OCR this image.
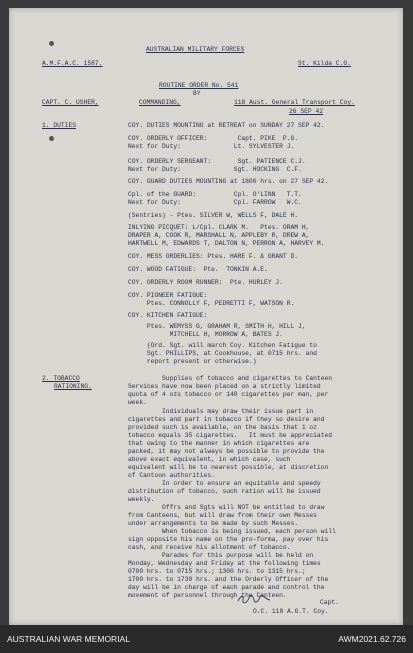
AUSTRALIAN MILITARY FORCES
A.M.F.A.C. 1587.	St. Kilda C.G.
ROUTINE ORDER No. 541
BY
CAPT. C. USHER,	COMMANDING,	118 Aust. General Transport Coy.
26 SEP 42
1. DUTIES	COY. DUTIES MOUNTING at RETREAT on SUNDAY 27 SEP 42.
COY. ORDERLY OFFICER:        Capt. PIKE  P.G.
Next for Duty:              Lt. SYLVESTER J.
COY. ORDERLY SERGEANT:       Sgt. PATIENCE C.J.
Next for Duty:              Sgt. HOCKING  C.F.
COY. GUARD DUTIES MOUNTING at 1800 hrs. on 27 SEP 42.
Cpl. of the GUARD:          Cpl. O'LINN   T.T.
Next for Duty:              Cpl. FARROW   W.C.
(Sentries) - Ptes. SILVER W, WELLS F, DALE H.
INLYING PICQUET: L/Cpl. CLARK M.   Ptes. ORAM H,
DRAPER A, COOK R, MARSHALL N, APPLEBY R, DREW A,
HARTWELL M, EDWARDS T, DALTON N, PERRON A, HARVEY M.
COY. MESS ORDERLIES: Ptes. HARE F. & GRANT D.
COY. WOOD FATIGUE:  Pte.  TONKIN A.E.
COY. ORDERLY ROOM RUNNER:  Pte. HURLEY J.
COY. PIONEER FATIGUE:
Ptes. CONNOLLY F, PEDRETTI F, WATSON R.
COY. KITCHEN FATIGUE:
Ptes. WEMYSS G, GRAHAM R, SMITH H, HILL J,
MITCHELL H, MORROW A, BATES J.
(Ord. Sgt. will march Coy. Kitchen Fatigue to
Sgt. PHILLIPS, at Cookhouse, at 0715 hrs. and
report present or otherwise.)
2. TOBACCO
RATIONING.
Supplies of tobacco and cigarettes to Canteen
Services have now been placed on a strictly limited
quota of 4 ozs tobacco or 140 cigarettes per man, per
week.
Individuals may draw their issue part in
cigarettes and part in tobacco if they so desire and
provided such is available, on the basis that 1 oz
tobacco equals 35 cigarettes.   It must be appreciated
that owing to the manner in which cigarettes are
packed, it may not always be possible to provide the
above exact equivalent, in which case, such
equivalent will be to nearest possible, at discretion
of Cantoon authorities.
In order to ensure an equitable and speedy
distribution of tobacco, such ration will be issued
weekly.
Offrs and Sgts will NOT be entitled to draw
from Canteens, but will draw from their own Messes
under arrangements to be made by such Messes.
When tobacco is being issued, each person will
sign opposite his name on the pro-forma, pay over his
cash, and receive his allotment of tobacco.
Parades for this purpose will be held on
Monday, Wednesday and Friday at the following times
0700 hrs. to 0715 hrs.; 1300 hrs. to 1315 hrs.;
1700 hrs. to 1730 hrs. and the Orderly Officer of the
day will be in charge of each parade and control the
movement of personnel through the Canteen.
Capt.
O.C. 118 A.G.T. Coy.
AUSTRALIAN WAR MEMORIAL	AWM2021.62.726
